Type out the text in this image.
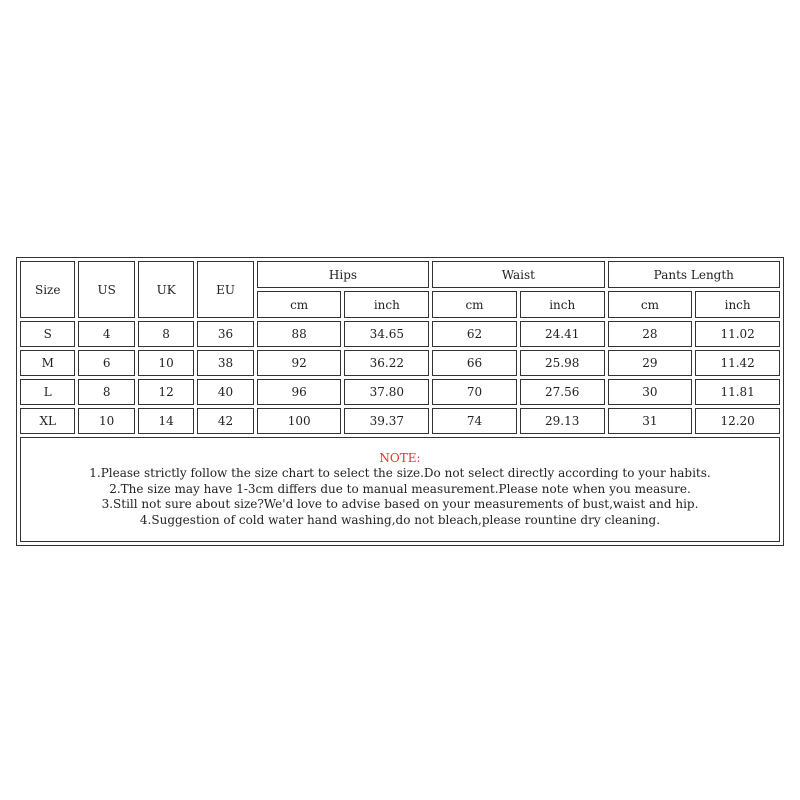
Size	US	UK	EU	Hips		Waist		Pants Length	
				cm	inch	cm	inch	cm	inch
S	4	8	36	88	34.65	62	24.41	28	11.02
M	6	10	38	92	36.22	66	25.98	29	11.42
L	8	12	40	96	37.80	70	27.56	30	11.81
XL	10	14	42	100	39.37	74	29.13	31	12.20

NOTE:
1.Please strictly follow the size chart to select the size.Do not select directly according to your habits.
2.The size may have 1-3cm differs due to manual measurement.Please note when you measure.
3.Still not sure about size?We'd love to advise based on your measurements of bust,waist and hip.
4.Suggestion of cold water hand washing,do not bleach,please rountine dry cleaning.									
